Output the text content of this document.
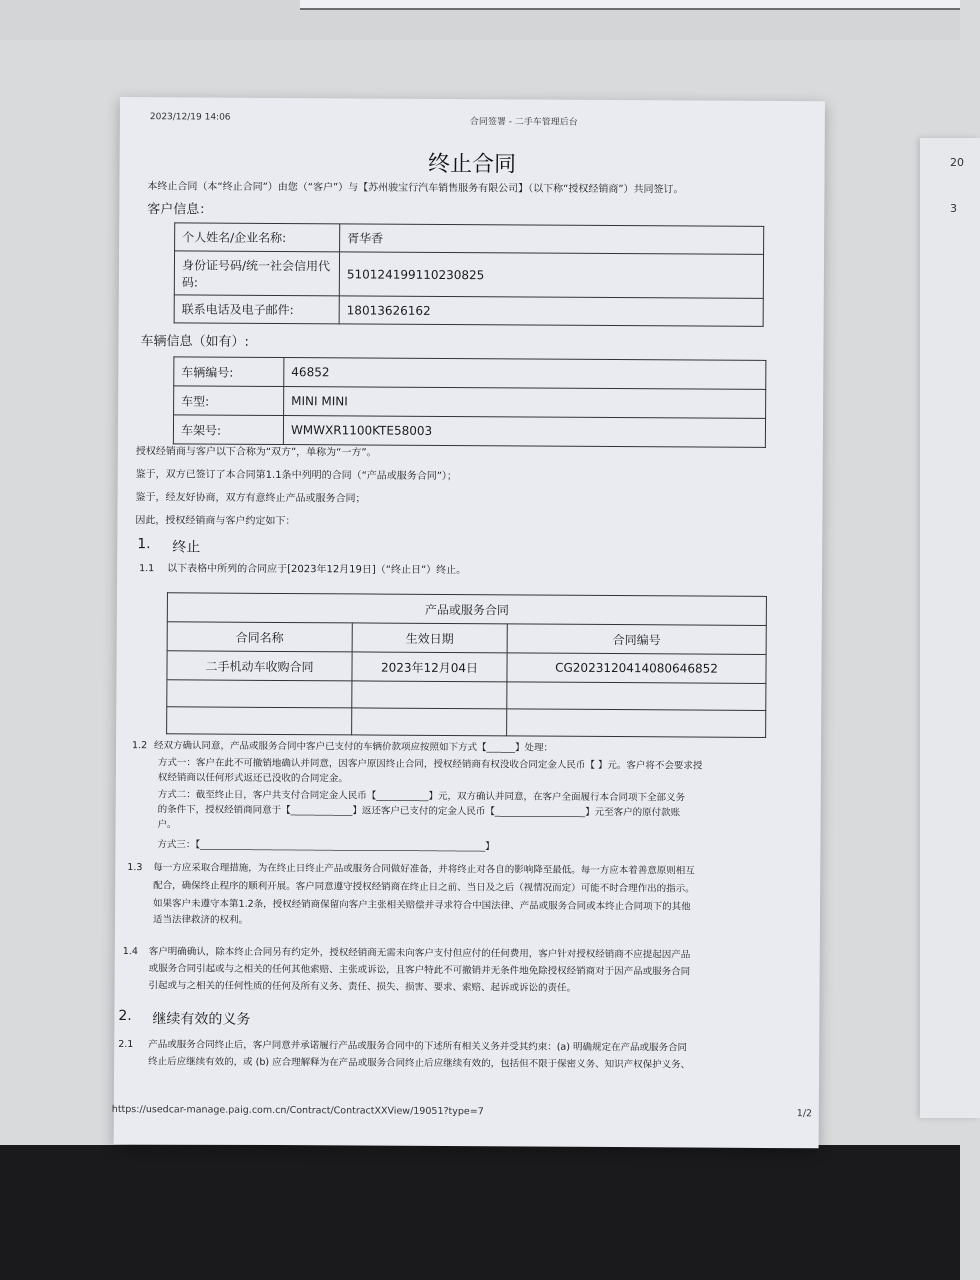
20
3
2023/12/19 14:06	合同签署 - 二手车管理后台
终止合同
本终止合同（本“终止合同”）由您（“客户”）与【苏州骏宝行汽车销售服务有限公司】（以下称“授权经销商”）共同签订。
客户信息：
个人姓名/企业名称:	胥华香
身份证号码/统一社会信用代码:	510124199110230825
联系电话及电子邮件:	18013626162
车辆信息（如有）:
车辆编号:	46852
车型:	MINI MINI
车架号:	WMWXR1100KTE58003
授权经销商与客户以下合称为“双方”，单称为“一方”。
鉴于，双方已签订了本合同第1.1条中列明的合同（“产品或服务合同”）；
鉴于，经友好协商，双方有意终止产品或服务合同；
因此，授权经销商与客户约定如下：
1. 终止
1.1 以下表格中所列的合同应于[2023年12月19日]（“终止日”）终止。
产品或服务合同		
合同名称	生效日期	合同编号
二手机动车收购合同	2023年12月04日	CG2023120414080646852

1.2 经双方确认同意，产品或服务合同中客户已支付的车辆价款项应按照如下方式【______】处理：
方式一：客户在此不可撤销地确认并同意，因客户原因终止合同，授权经销商有权没收合同定金人民币【 】元。客户将不会要求授
权经销商以任何形式返还已没收的合同定金。
方式二：截至终止日，客户共支付合同定金人民币【___________】元，双方确认并同意，在客户全面履行本合同项下全部义务
的条件下，授权经销商同意于【_____________】返还客户已支付的定金人民币【___________________】元至客户的原付款账
户。
方式三：【____________________________________________________________】
1.3 每一方应采取合理措施，为在终止日终止产品或服务合同做好准备，并将终止对各自的影响降至最低。每一方应本着善意原则相互
配合，确保终止程序的顺利开展。客户同意遵守授权经销商在终止日之前、当日及之后（视情况而定）可能不时合理作出的指示。
如果客户未遵守本第1.2条，授权经销商保留向客户主张相关赔偿并寻求符合中国法律、产品或服务合同或本终止合同项下的其他
适当法律救济的权利。
1.4 客户明确确认，除本终止合同另有约定外，授权经销商无需未向客户支付但应付的任何费用，客户针对授权经销商不应提起因产品
或服务合同引起或与之相关的任何其他索赔、主张或诉讼，且客户特此不可撤销并无条件地免除授权经销商对于因产品或服务合同
引起或与之相关的任何性质的任何及所有义务、责任、损失、损害、要求、索赔、起诉或诉讼的责任。
2. 继续有效的义务
2.1 产品或服务合同终止后，客户同意并承诺履行产品或服务合同中的下述所有相关义务并受其约束：(a) 明确规定在产品或服务合同
终止后应继续有效的，或 (b) 应合理解释为在产品或服务合同终止后应继续有效的，包括但不限于保密义务、知识产权保护义务、
https://usedcar-manage.paig.com.cn/Contract/ContractXXView/19051?type=7	1/2
